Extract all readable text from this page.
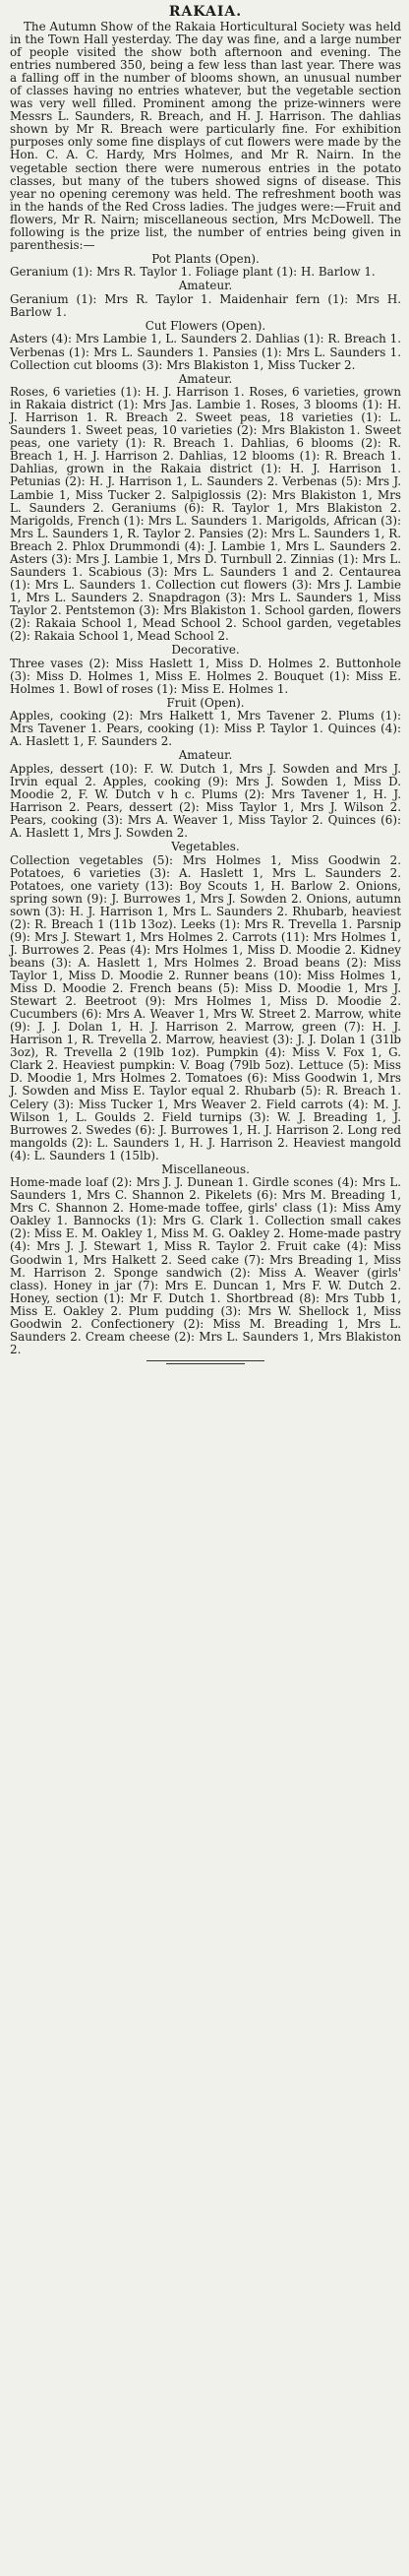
RAKAIA.

The Autumn Show of the Rakaia Horticultural Society was held in the Town Hall yesterday. The day was fine, and a large number of people visited the show both afternoon and evening. The entries numbered 350, being a few less than last year. There was a falling off in the number of blooms shown, an unusual number of classes having no entries whatever, but the vegetable section was very well filled. Prominent among the prize-winners were Messrs L. Saunders, R. Breach, and H. J. Harrison. The dahlias shown by Mr R. Breach were particularly fine. For exhibition purposes only some fine displays of cut flowers were made by the Hon. C. A. C. Hardy, Mrs Holmes, and Mr R. Nairn. In the vegetable section there were numerous entries in the potato classes, but many of the tubers showed signs of disease. This year no opening ceremony was held. The refreshment booth was in the hands of the Red Cross ladies. The judges were:—Fruit and flowers, Mr R. Nairn; miscellaneous section, Mrs McDowell. The following is the prize list, the number of entries being given in parenthesis:—

Pot Plants (Open).

Geranium (1): Mrs R. Taylor 1. Foliage plant (1): H. Barlow 1.

Amateur.

Geranium (1): Mrs R. Taylor 1. Maidenhair fern (1): Mrs H. Barlow 1.

Cut Flowers (Open).

Asters (4): Mrs Lambie 1, L. Saunders 2. Dahlias (1): R. Breach 1. Verbenas (1): Mrs L. Saunders 1. Pansies (1): Mrs L. Saunders 1. Collection cut blooms (3): Mrs Blakiston 1, Miss Tucker 2.

Amateur.

Roses, 6 varieties (1): H. J. Harrison 1. Roses, 6 varieties, grown in Rakaia district (1): Mrs Jas. Lambie 1. Roses, 3 blooms (1): H. J. Harrison 1. R. Breach 2. Sweet peas, 18 varieties (1): L. Saunders 1. Sweet peas, 10 varieties (2): Mrs Blakiston 1. Sweet peas, one variety (1): R. Breach 1. Dahlias, 6 blooms (2): R. Breach 1, H. J. Harrison 2. Dahlias, 12 blooms (1): R. Breach 1. Dahlias, grown in the Rakaia district (1): H. J. Harrison 1. Petunias (2): H. J. Harrison 1, L. Saunders 2. Verbenas (5): Mrs J. Lambie 1, Miss Tucker 2. Salpiglossis (2): Mrs Blakiston 1, Mrs L. Saunders 2. Geraniums (6): R. Taylor 1, Mrs Blakiston 2. Marigolds, French (1): Mrs L. Saunders 1. Marigolds, African (3): Mrs L. Saunders 1, R. Taylor 2. Pansies (2): Mrs L. Saunders 1, R. Breach 2. Phlox Drummondi (4): J. Lambie 1, Mrs L. Saunders 2. Asters (3): Mrs J. Lambie 1, Mrs D. Turnbull 2. Zinnias (1): Mrs L. Saunders 1. Scabious (3): Mrs L. Saunders 1 and 2. Centaurea (1): Mrs L. Saunders 1. Collection cut flowers (3): Mrs J. Lambie 1, Mrs L. Saunders 2. Snapdragon (3): Mrs L. Saunders 1, Miss Taylor 2. Pentstemon (3): Mrs Blakiston 1. School garden, flowers (2): Rakaia School 1, Mead School 2. School garden, vegetables (2): Rakaia School 1, Mead School 2.

Decorative.

Three vases (2): Miss Haslett 1, Miss D. Holmes 2. Buttonhole (3): Miss D. Holmes 1, Miss E. Holmes 2. Bouquet (1): Miss E. Holmes 1. Bowl of roses (1): Miss E. Holmes 1.

Fruit (Open).

Apples, cooking (2): Mrs Halkett 1, Mrs Tavener 2. Plums (1): Mrs Tavener 1. Pears, cooking (1): Miss P. Taylor 1. Quinces (4): A. Haslett 1, F. Saunders 2.

Amateur.

Apples, dessert (10): F. W. Dutch 1, Mrs J. Sowden and Mrs J. Irvin equal 2. Apples, cooking (9): Mrs J. Sowden 1, Miss D. Moodie 2, F. W. Dutch v h c. Plums (2): Mrs Tavener 1, H. J. Harrison 2. Pears, dessert (2): Miss Taylor 1, Mrs J. Wilson 2. Pears, cooking (3): Mrs A. Weaver 1, Miss Taylor 2. Quinces (6): A. Haslett 1, Mrs J. Sowden 2.

Vegetables.

Collection vegetables (5): Mrs Holmes 1, Miss Goodwin 2. Potatoes, 6 varieties (3): A. Haslett 1, Mrs L. Saunders 2. Potatoes, one variety (13): Boy Scouts 1, H. Barlow 2. Onions, spring sown (9): J. Burrowes 1, Mrs J. Sowden 2. Onions, autumn sown (3): H. J. Harrison 1, Mrs L. Saunders 2. Rhubarb, heaviest (2): R. Breach 1 (11b 13oz). Leeks (1): Mrs R. Trevella 1. Parsnip (9): Mrs J. Stewart 1, Mrs Holmes 2. Carrots (11): Mrs Holmes 1, J. Burrowes 2. Peas (4): Mrs Holmes 1, Miss D. Moodie 2. Kidney beans (3): A. Haslett 1, Mrs Holmes 2. Broad beans (2): Miss Taylor 1, Miss D. Moodie 2. Runner beans (10): Miss Holmes 1, Miss D. Moodie 2. French beans (5): Miss D. Moodie 1, Mrs J. Stewart 2. Beetroot (9): Mrs Holmes 1, Miss D. Moodie 2. Cucumbers (6): Mrs A. Weaver 1, Mrs W. Street 2. Marrow, white (9): J. J. Dolan 1, H. J. Harrison 2. Marrow, green (7): H. J. Harrison 1, R. Trevella 2. Marrow, heaviest (3): J. J. Dolan 1 (31lb 3oz), R. Trevella 2 (19lb 1oz). Pumpkin (4): Miss V. Fox 1, G. Clark 2. Heaviest pumpkin: V. Boag (79lb 5oz). Lettuce (5): Miss D. Moodie 1, Mrs Holmes 2. Tomatoes (6): Miss Goodwin 1, Mrs J. Sowden and Miss E. Taylor equal 2. Rhubarb (5): R. Breach 1. Celery (3): Miss Tucker 1, Mrs Weaver 2. Field carrots (4): M. J. Wilson 1, L. Goulds 2. Field turnips (3): W. J. Breading 1, J. Burrowes 2. Swedes (6): J. Burrowes 1, H. J. Harrison 2. Long red mangolds (2): L. Saunders 1, H. J. Harrison 2. Heaviest mangold (4): L. Saunders 1 (15lb).

Miscellaneous.

Home-made loaf (2): Mrs J. J. Dunean 1. Girdle scones (4): Mrs L. Saunders 1, Mrs C. Shannon 2. Pikelets (6): Mrs M. Breading 1, Mrs C. Shannon 2. Home-made toffee, girls' class (1): Miss Amy Oakley 1. Bannocks (1): Mrs G. Clark 1. Collection small cakes (2): Miss E. M. Oakley 1, Miss M. G. Oakley 2. Home-made pastry (4): Mrs J. J. Stewart 1, Miss R. Taylor 2. Fruit cake (4): Miss Goodwin 1, Mrs Halkett 2. Seed cake (7): Mrs Breading 1, Miss M. Harrison 2. Sponge sandwich (2): Miss A. Weaver (girls' class). Honey in jar (7): Mrs E. Duncan 1, Mrs F. W. Dutch 2. Honey, section (1): Mr F. Dutch 1. Shortbread (8): Mrs Tubb 1, Miss E. Oakley 2. Plum pudding (3): Mrs W. Shellock 1, Miss Goodwin 2. Confectionery (2): Miss M. Breading 1, Mrs L. Saunders 2. Cream cheese (2): Mrs L. Saunders 1, Mrs Blakiston 2.
